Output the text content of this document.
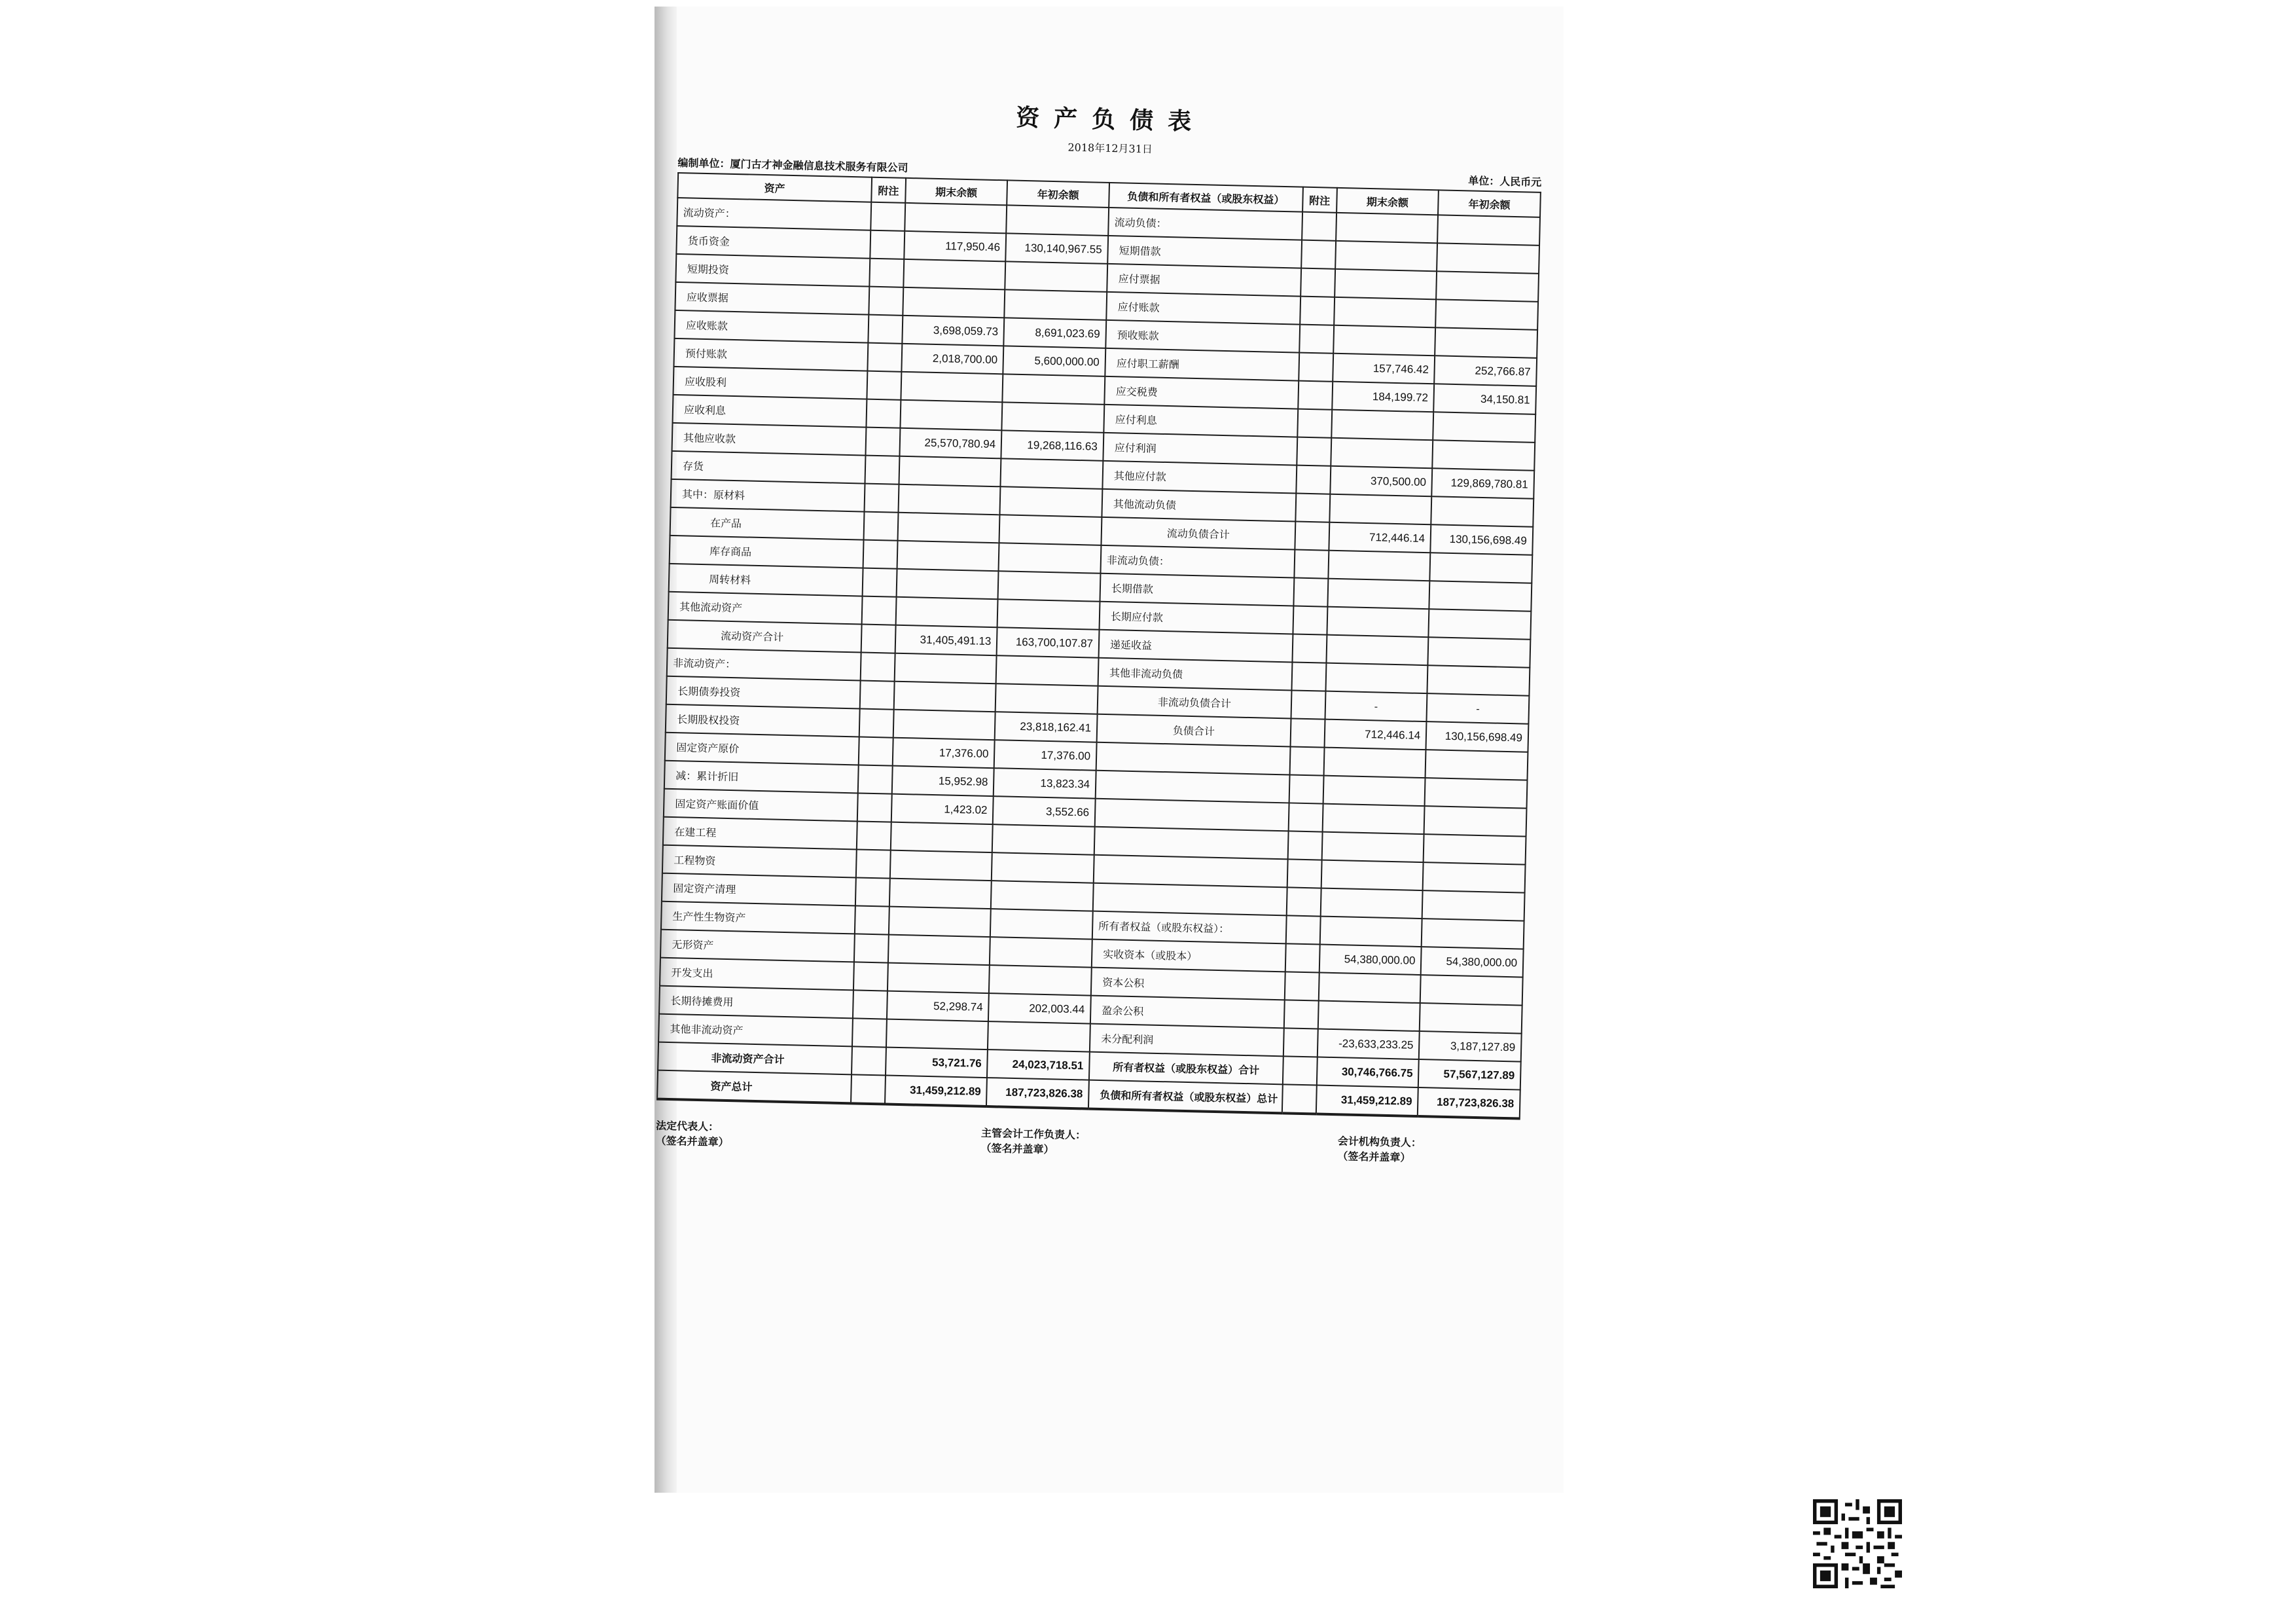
资产负债表
2018年12月31日
编制单位：厦门古才神金融信息技术服务有限公司
单位：人民币元
资产	附注	期末余额	年初余额	负债和所有者权益（或股东权益）	附注	期末余额	年初余额
流动资产：				流动负债：			
货币资金		117,950.46	130,140,967.55	短期借款			
短期投资				应付票据			
应收票据				应付账款			
应收账款		3,698,059.73	8,691,023.69	预收账款			
预付账款		2,018,700.00	5,600,000.00	应付职工薪酬		157,746.42	252,766.87
应收股利				应交税费		184,199.72	34,150.81
应收利息				应付利息			
其他应收款		25,570,780.94	19,268,116.63	应付利润			
存货				其他应付款		370,500.00	129,869,780.81
其中：原材料				其他流动负债			
在产品				流动负债合计		712,446.14	130,156,698.49
库存商品				非流动负债：			
周转材料				长期借款			
其他流动资产				长期应付款			
流动资产合计		31,405,491.13	163,700,107.87	递延收益			
非流动资产：				其他非流动负债			
长期债券投资				非流动负债合计		-	-
长期股权投资			23,818,162.41	负债合计		712,446.14	130,156,698.49
固定资产原价		17,376.00	17,376.00				
减：累计折旧		15,952.98	13,823.34				
固定资产账面价值		1,423.02	3,552.66				
在建工程							
工程物资							
固定资产清理							
生产性生物资产				所有者权益（或股东权益）：			
无形资产				实收资本（或股本）		54,380,000.00	54,380,000.00
开发支出				资本公积			
长期待摊费用		52,298.74	202,003.44	盈余公积			
其他非流动资产				未分配利润		-23,633,233.25	3,187,127.89
非流动资产合计		53,721.76	24,023,718.51	所有者权益（或股东权益）合计		30,746,766.75	57,567,127.89
资产总计		31,459,212.89	187,723,826.38	负债和所有者权益（或股东权益）总计		31,459,212.89	187,723,826.38
法定代表人：
（签名并盖章）	主管会计工作负责人：
（签名并盖章）	会计机构负责人：
（签名并盖章）
